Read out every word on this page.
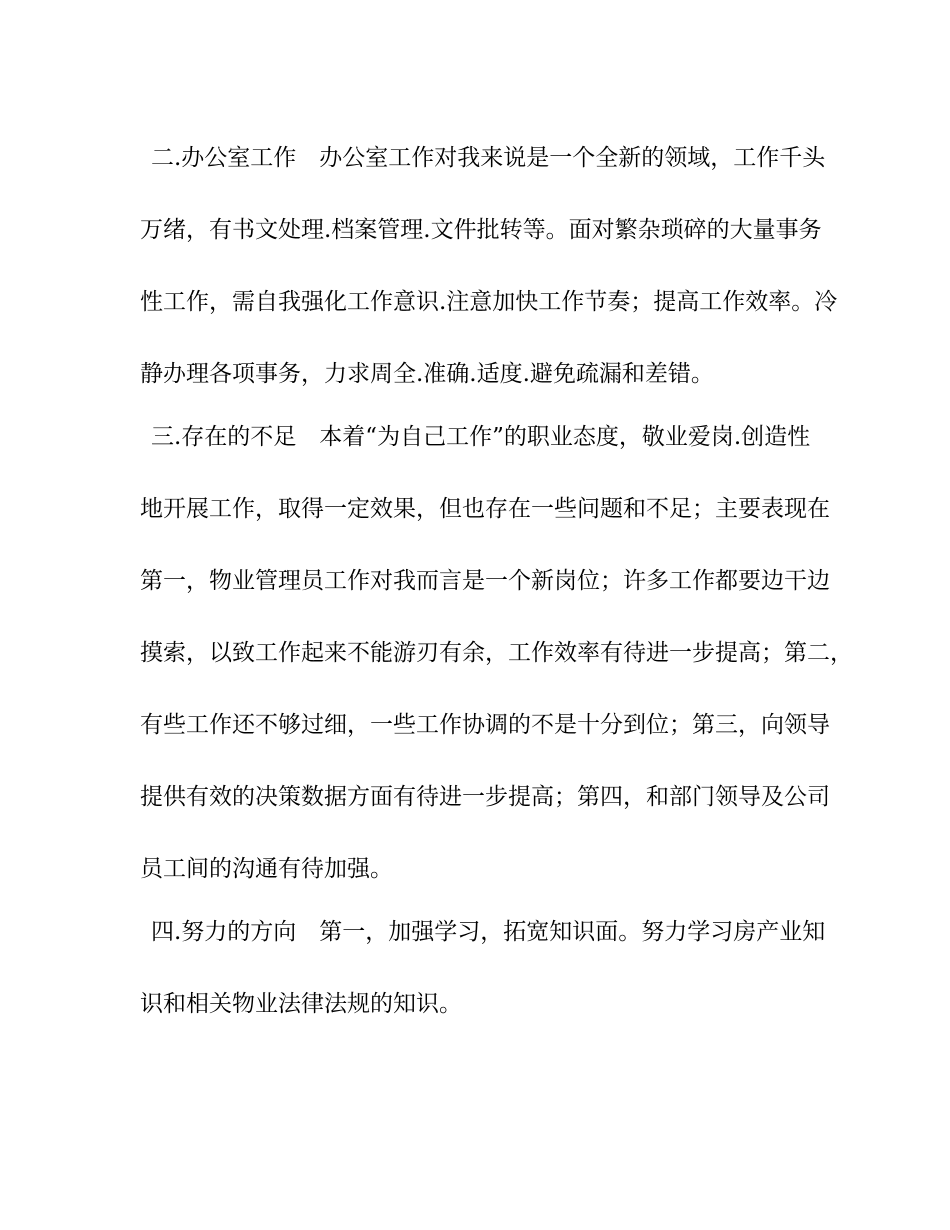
二.办公室工作　办公室工作对我来说是一个全新的领域，工作千头
万绪，有书文处理.档案管理.文件批转等。面对繁杂琐碎的大量事务
性工作，需自我强化工作意识.注意加快工作节奏；提高工作效率。冷
静办理各项事务，力求周全.准确.适度.避免疏漏和差错。
三.存在的不足　本着“为自己工作”的职业态度，敬业爱岗.创造性
地开展工作，取得一定效果，但也存在一些问题和不足；主要表现在
第一，物业管理员工作对我而言是一个新岗位；许多工作都要边干边
摸索，以致工作起来不能游刃有余，工作效率有待进一步提高；第二，
有些工作还不够过细，一些工作协调的不是十分到位；第三，向领导
提供有效的决策数据方面有待进一步提高；第四，和部门领导及公司
员工间的沟通有待加强。
四.努力的方向　第一，加强学习，拓宽知识面。努力学习房产业知
识和相关物业法律法规的知识。
